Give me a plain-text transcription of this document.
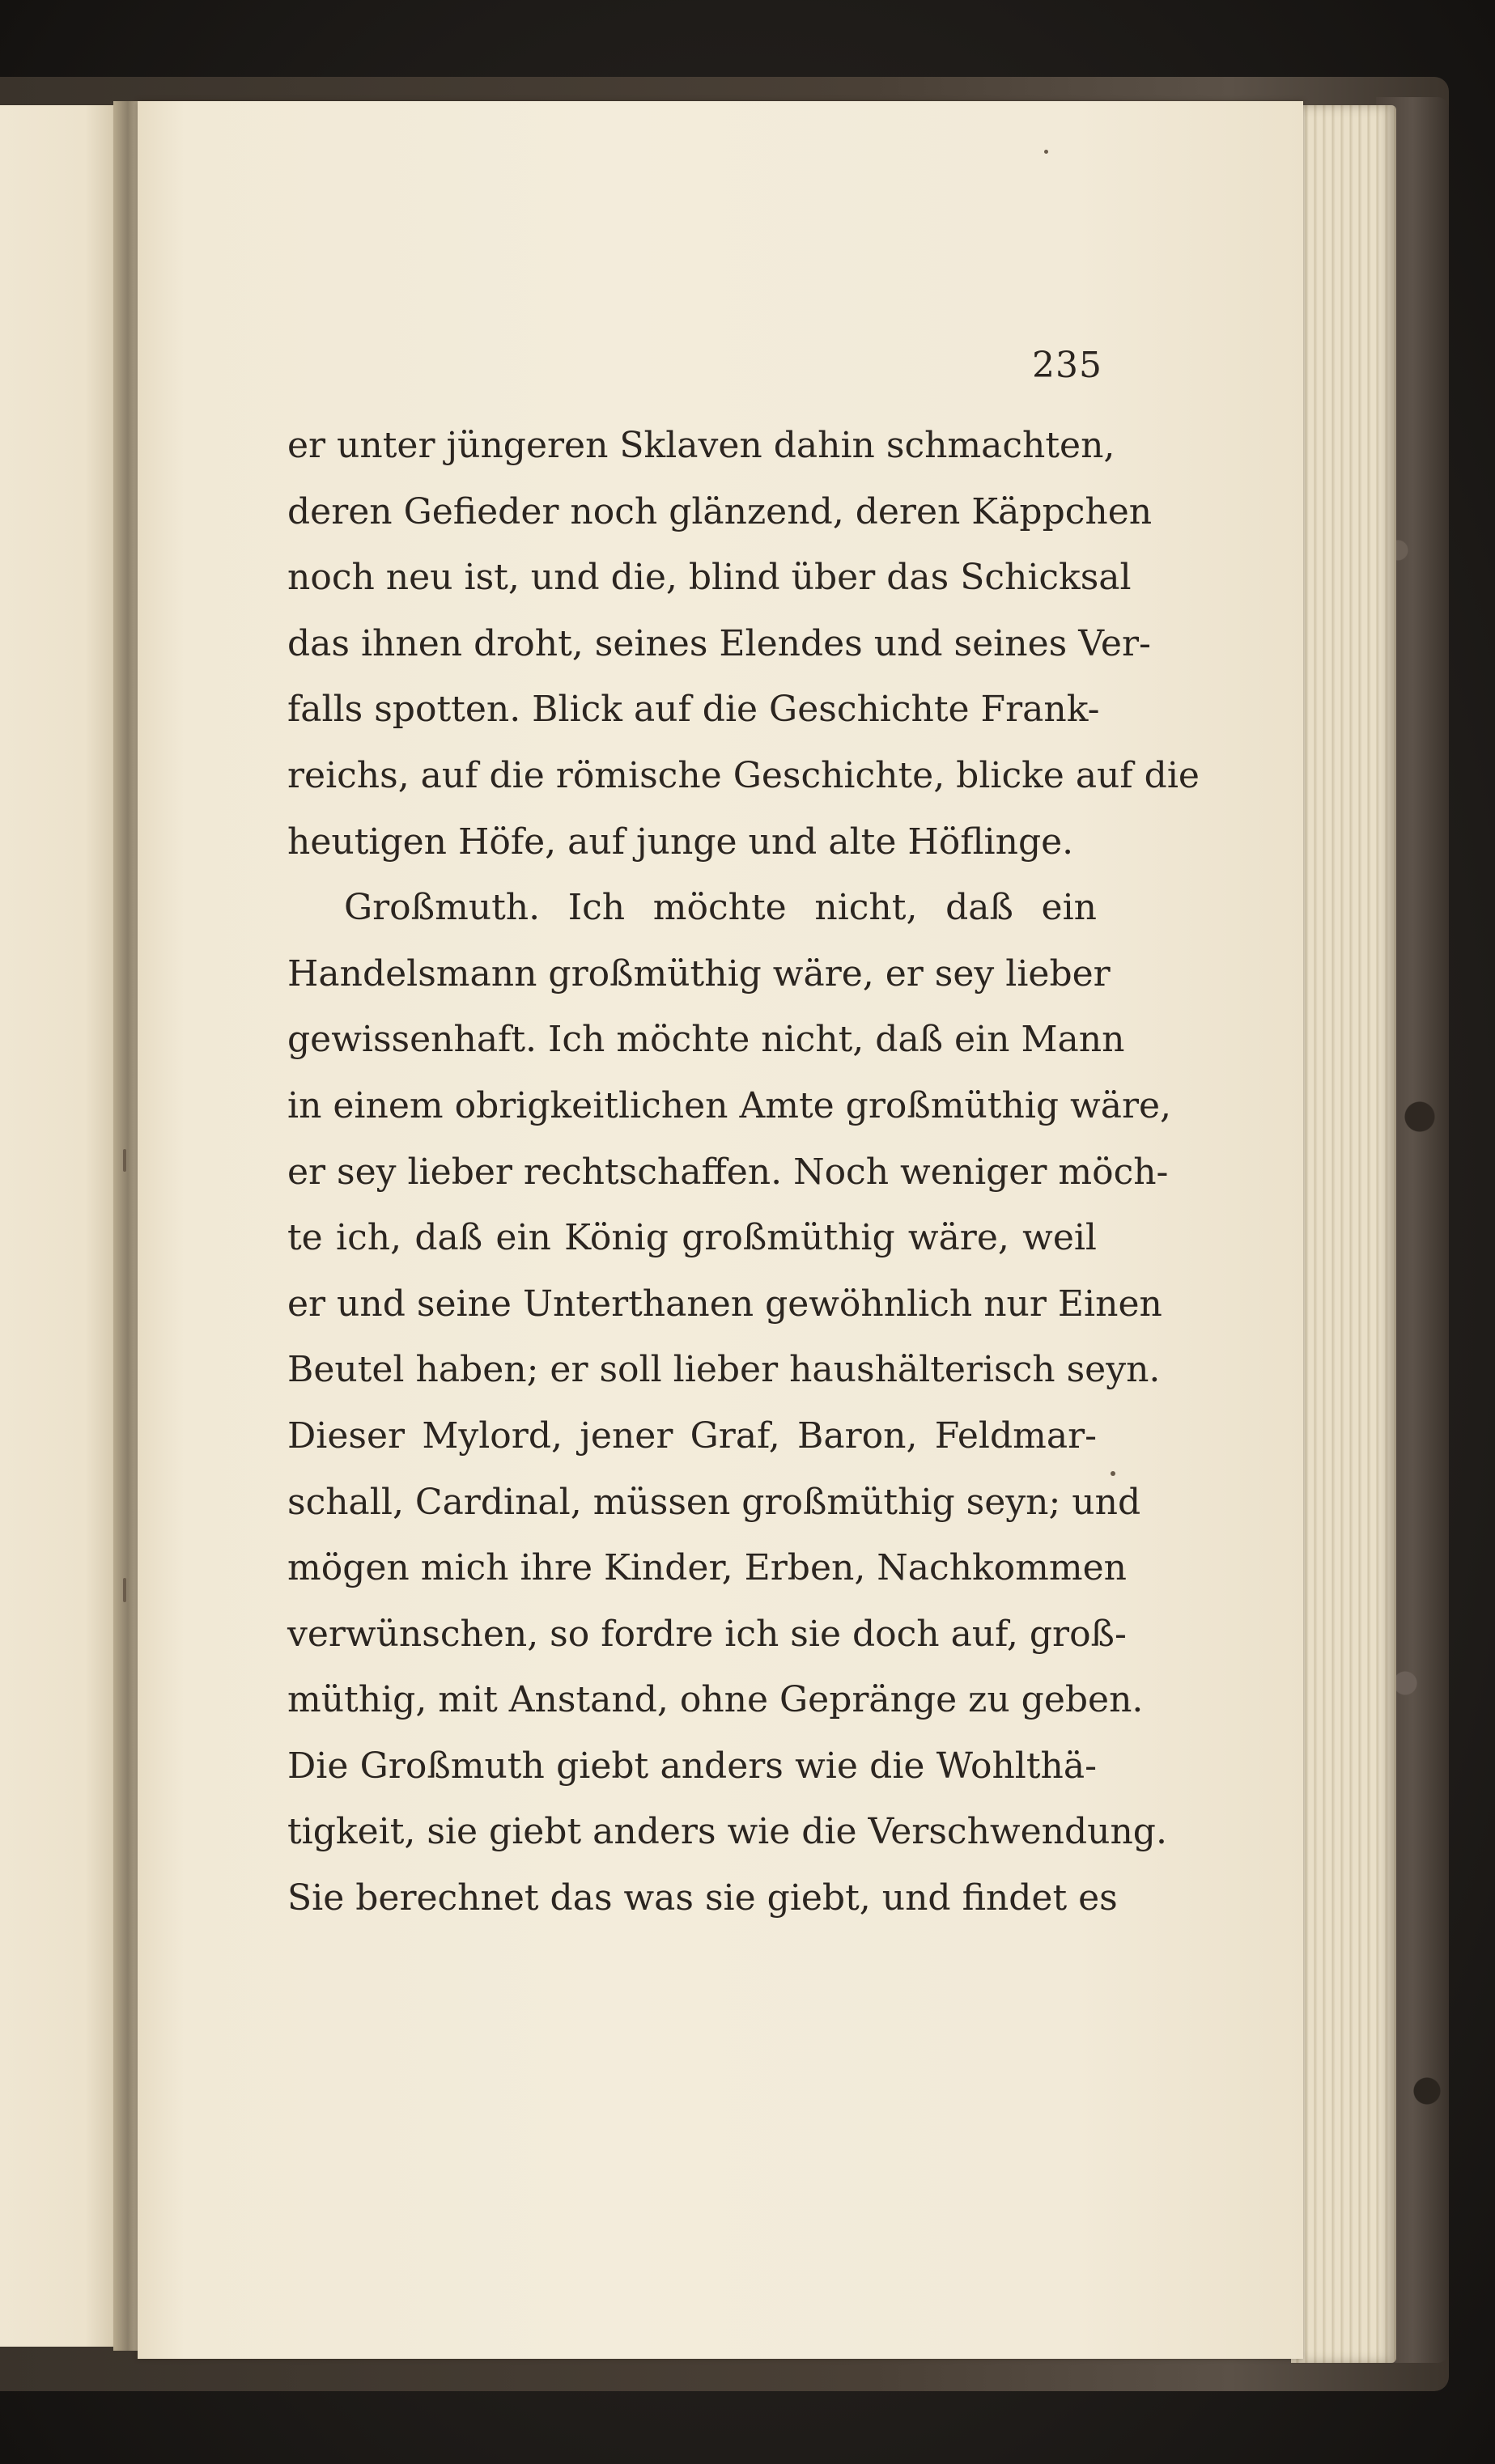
235
er unter jüngeren Sklaven dahin schmachten,
deren Gefieder noch glänzend, deren Käppchen
noch neu ist, und die, blind über das Schicksal
das ihnen droht, seines Elendes und seines Ver-
falls spotten. Blick auf die Geschichte Frank-
reichs, auf die römische Geschichte, blicke auf die
heutigen Höfe, auf junge und alte Höflinge.
Großmuth. Ich möchte nicht, daß ein
Handelsmann großmüthig wäre, er sey lieber
gewissenhaft. Ich möchte nicht, daß ein Mann
in einem obrigkeitlichen Amte großmüthig wäre,
er sey lieber rechtschaffen. Noch weniger möch-
te ich, daß ein König großmüthig wäre, weil
er und seine Unterthanen gewöhnlich nur Einen
Beutel haben; er soll lieber haushälterisch seyn.
Dieser Mylord, jener Graf, Baron, Feldmar-
schall, Cardinal, müssen großmüthig seyn; und
mögen mich ihre Kinder, Erben, Nachkommen
verwünschen, so fordre ich sie doch auf, groß-
müthig, mit Anstand, ohne Gepränge zu geben.
Die Großmuth giebt anders wie die Wohlthä-
tigkeit, sie giebt anders wie die Verschwendung.
Sie berechnet das was sie giebt, und findet es
